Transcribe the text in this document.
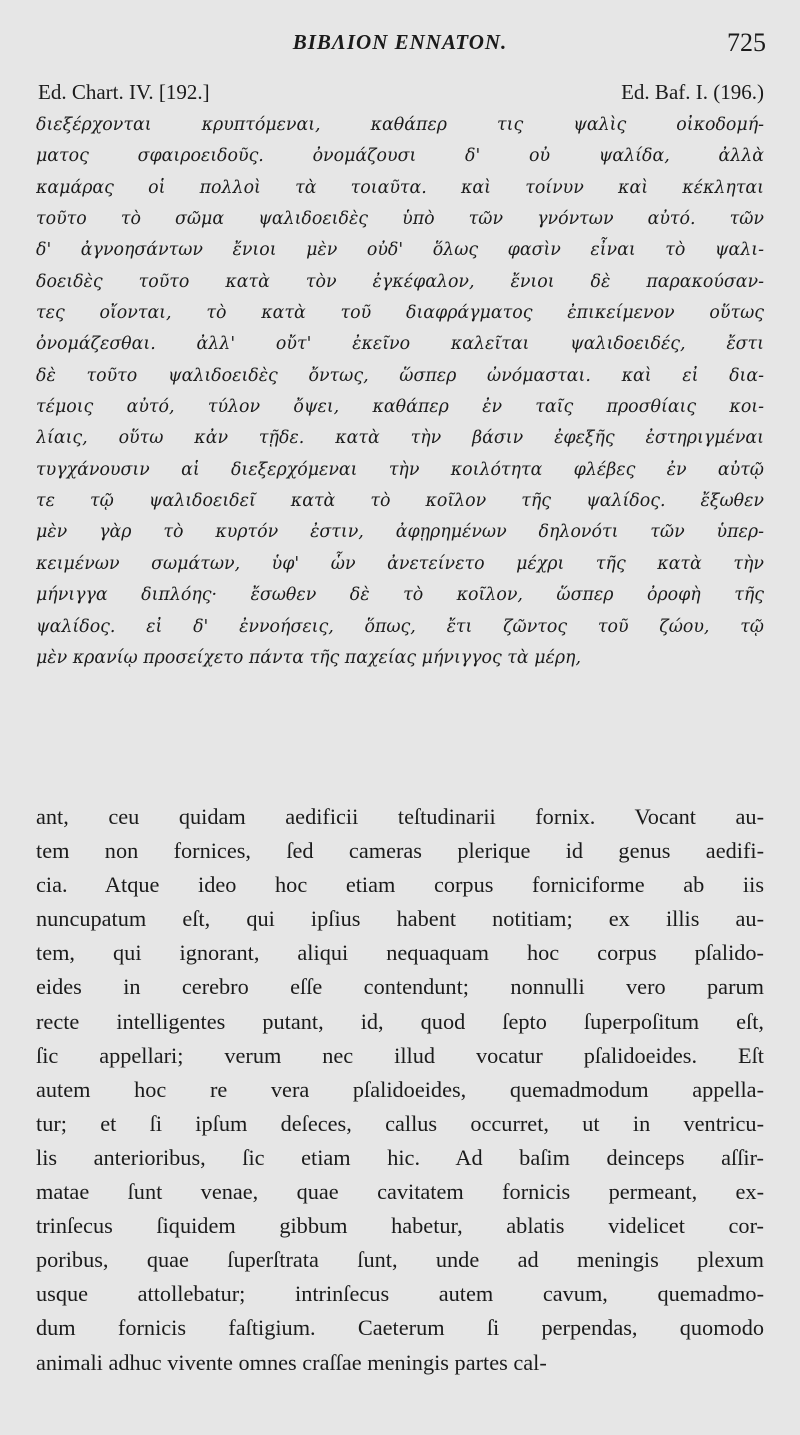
BIBΛΙΟΝ ΕΝΝΑΤΟΝ.	725
Ed. Chart. IV. [192.]	Ed. Baf. I. (196.)
διεξέρχονται κρυπτόμεναι, καθάπερ τις ψαλὶς οἰκοδομή-
ματος σφαιροειδοῦς. ὀνομάζουσι δ' οὐ ψαλίδα, ἀλλὰ
καμάρας οἱ πολλοὶ τὰ τοιαῦτα. καὶ τοίνυν καὶ κέκληται
τοῦτο τὸ σῶμα ψαλιδοειδὲς ὑπὸ τῶν γνόντων αὐτό. τῶν
δ' ἀγνοησάντων ἔνιοι μὲν οὐδ' ὅλως φασὶν εἶναι τὸ ψαλι-
δοειδὲς τοῦτο κατὰ τὸν ἐγκέφαλον, ἔνιοι δὲ παρακούσαν-
τες οἴονται, τὸ κατὰ τοῦ διαφράγματος ἐπικείμενον οὕτως
ὀνομάζεσθαι. ἀλλ' οὔτ' ἐκεῖνο καλεῖται ψαλιδοειδές, ἔστι
δὲ τοῦτο ψαλιδοειδὲς ὄντως, ὥσπερ ὠνόμασται. καὶ εἰ δια-
τέμοις αὐτό, τύλον ὄψει, καθάπερ ἐν ταῖς προσθίαις κοι-
λίαις, οὕτω κἀν τῇδε. κατὰ τὴν βάσιν ἐφεξῆς ἐστηριγμέναι
τυγχάνουσιν αἱ διεξερχόμεναι τὴν κοιλότητα φλέβες ἐν αὐτῷ
τε τῷ ψαλιδοειδεῖ κατὰ τὸ κοῖλον τῆς ψαλίδος. ἔξωθεν
μὲν γὰρ τὸ κυρτόν ἐστιν, ἀφῃρημένων δηλονότι τῶν ὑπερ-
κειμένων σωμάτων, ὑφ' ὧν ἀνετείνετο μέχρι τῆς κατὰ τὴν
μήνιγγα διπλόης· ἔσωθεν δὲ τὸ κοῖλον, ὥσπερ ὀροφὴ τῆς
ψαλίδος. εἰ δ' ἐννοήσεις, ὅπως, ἔτι ζῶντος τοῦ ζώου, τῷ
μὲν κρανίῳ προσείχετο πάντα τῆς παχείας μήνιγγος τὰ μέρη,
ant, ceu quidam aedificii teſtudinarii fornix. Vocant au-
tem non fornices, ſed cameras plerique id genus aedifi-
cia. Atque ideo hoc etiam corpus forniciforme ab iis
nuncupatum eſt, qui ipſius habent notitiam; ex illis au-
tem, qui ignorant, aliqui nequaquam hoc corpus pſalido-
eides in cerebro eſſe contendunt; nonnulli vero parum
recte intelligentes putant, id, quod ſepto ſuperpoſitum eſt,
ſic appellari; verum nec illud vocatur pſalidoeides. Eſt
autem hoc re vera pſalidoeides, quemadmodum appella-
tur; et ſi ipſum deſeces, callus occurret, ut in ventricu-
lis anterioribus, ſic etiam hic. Ad baſim deinceps aſſir-
matae ſunt venae, quae cavitatem fornicis permeant, ex-
trinſecus ſiquidem gibbum habetur, ablatis videlicet cor-
poribus, quae ſuperſtrata ſunt, unde ad meningis plexum
usque attollebatur; intrinſecus autem cavum, quemadmo-
dum fornicis faſtigium. Caeterum ſi perpendas, quomodo
animali adhuc vivente omnes craſſae meningis partes cal-
